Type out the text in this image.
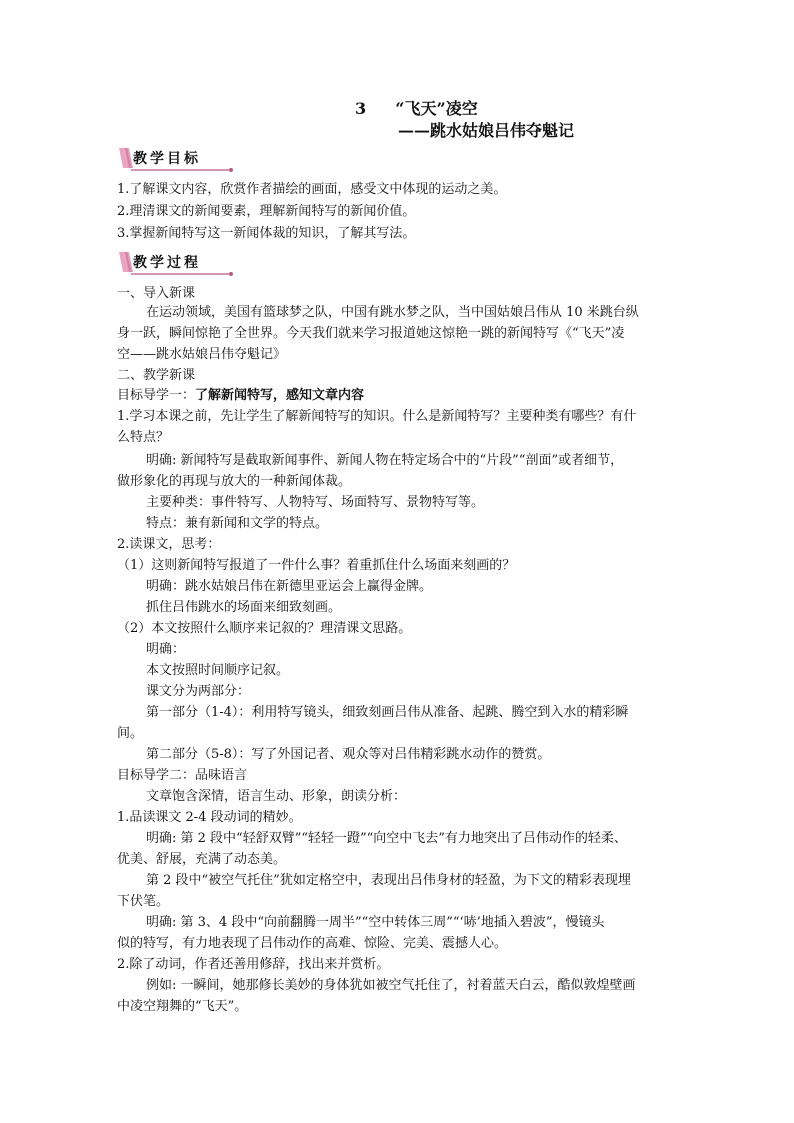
3 “飞天”凌空
——跳水姑娘吕伟夺魁记
教学目标
1.了解课文内容，欣赏作者描绘的画面，感受文中体现的运动之美。
2.理清课文的新闻要素，理解新闻特写的新闻价值。
3.掌握新闻特写这一新闻体裁的知识，了解其写法。
教学过程
一、导入新课
在运动领域，美国有篮球梦之队，中国有跳水梦之队，当中国姑娘吕伟从 10 米跳台纵
身一跃，瞬间惊艳了全世界。今天我们就来学习报道她这惊艳一跳的新闻特写《“飞天”凌
空——跳水姑娘吕伟夺魁记》
二、教学新课
目标导学一：了解新闻特写，感知文章内容
1.学习本课之前，先让学生了解新闻特写的知识。什么是新闻特写？主要种类有哪些？有什
么特点？
明确: 新闻特写是截取新闻事件、新闻人物在特定场合中的“片段”“剖面”或者细节，
做形象化的再现与放大的一种新闻体裁。
主要种类：事件特写、人物特写、场面特写、景物特写等。
特点：兼有新闻和文学的特点。
2.读课文，思考：
（1）这则新闻特写报道了一件什么事？着重抓住什么场面来刻画的？
明确：跳水姑娘吕伟在新德里亚运会上赢得金牌。
抓住吕伟跳水的场面来细致刻画。
（2）本文按照什么顺序来记叙的？理清课文思路。
明确：
本文按照时间顺序记叙。
课文分为两部分：
第一部分（1-4）：利用特写镜头，细致刻画吕伟从准备、起跳、腾空到入水的精彩瞬
间。
第二部分（5-8）：写了外国记者、观众等对吕伟精彩跳水动作的赞赏。
目标导学二：品味语言
文章饱含深情，语言生动、形象，朗读分析：
1.品读课文 2-4 段动词的精妙。
明确: 第 2 段中“轻舒双臂”“轻轻一蹬”“向空中飞去”有力地突出了吕伟动作的轻柔、
优美、舒展，充满了动态美。
第 2 段中“被空气托住”犹如定格空中，表现出吕伟身材的轻盈，为下文的精彩表现埋
下伏笔。
明确: 第 3、4 段中“向前翻腾一周半”“空中转体三周”“‘哧’地插入碧波”，慢镜头
似的特写，有力地表现了吕伟动作的高难、惊险、完美、震撼人心。
2.除了动词，作者还善用修辞，找出来并赏析。
例如: 一瞬间，她那修长美妙的身体犹如被空气托住了，衬着蓝天白云，酷似敦煌壁画
中凌空翔舞的“飞天”。
